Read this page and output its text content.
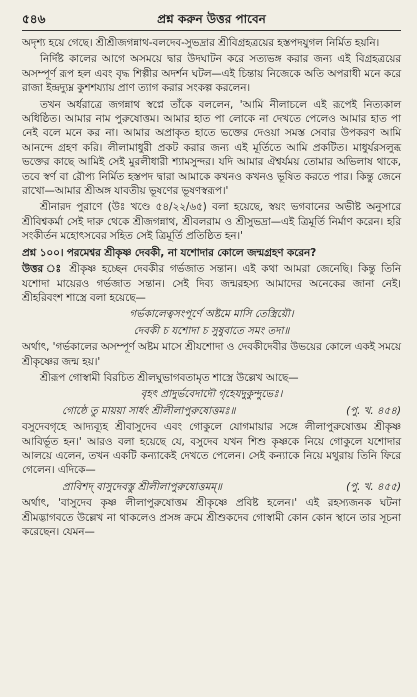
৫৪৬	প্রশ্ন করুন উত্তর পাবেন

অদৃশ্য হয়ে গেছে। শ্রীশ্রীজগন্নাথ-বলদেব-সুভদ্রার শ্রীবিগ্রহত্রয়ের হস্তপদযুগল নির্মিত হয়নি।

নির্দিষ্ট কালের আগে অসময়ে দ্বার উদঘাটন করে সত্যভঙ্গ করার জন্য এই বিগ্রহত্রয়ের অসম্পূর্ণ রূপ হল এবং বৃদ্ধ শিল্পীর অদর্শন ঘটল—এই চিন্তায় নিজেকে অতি অপরাধী মনে করে রাজা ইন্দ্রদ্যুম্ন কুশশয্যায় প্রাণ ত্যাগ করার সংকল্প করলেন।

তখন অর্ধরাত্রে জগন্নাথ স্বপ্নে তাঁকে বললেন, 'আমি নীলাচলে এই রূপেই নিত্যকাল অধিষ্ঠিত। আমার নাম পুরুষোত্তম। আমার হাত পা লোকে না দেখতে পেলেও আমার হাত পা নেই বলে মনে কর না। আমার অপ্রাকৃত হাতে ভক্তের দেওয়া সমস্ত সেবার উপকরণ আমি আনন্দে গ্রহণ করি। লীলামাধুরী প্রকট করার জন্য এই মূর্তিতে আমি প্রকটিত। মাধুর্যরসলুব্ধ ভক্তের কাছে আমিই সেই মুরলীধারী শ্যামসুন্দর। যদি আমার ঐশ্বর্যময় তোমার অভিলাষ থাকে, তবে স্বর্ণ বা রৌপ্য নির্মিত হস্তপদ দ্বারা আমাকে কখনও কখনও ভূষিত করতে পার। কিন্তু জেনে রাখো—আমার শ্রীঅঙ্গ যাবতীয় ভূষণের ভূষণস্বরূপ।'

শ্রীনারদ পুরাণে (উঃ খণ্ডে ৫৪/২২/৬৫) বলা হয়েছে, স্বয়ং ভগবানের অভীষ্ট অনুসারে শ্রীবিশ্বকর্মা সেই দারু থেকে শ্রীজগন্নাথ, শ্রীবলরাম ও শ্রীসুভদ্রা—এই ত্রিমূর্তি নির্মাণ করেন। হরি সংকীর্তন মহোৎসবের সহিত সেই ত্রিমূর্তি প্রতিষ্ঠিত হন।'

প্রশ্ন ১০০। পরমেশ্বর শ্রীকৃষ্ণ দেবকী, না যশোদার কোলে জন্মগ্রহণ করেন?

উত্তর ঃ শ্রীকৃষ্ণ হচ্ছেন দেবকীর গর্ভজাত সন্তান। এই কথা আমরা জেনেছি। কিন্তু তিনি যশোদা মায়েরও গর্ভজাত সন্তান। সেই দিব্য জন্মরহস্য আমাদের অনেকের জানা নেই। শ্রীহরিবংশ শাস্ত্রে বলা হয়েছে—

গর্ভকালেত্বসংপূর্ণে অষ্টমে মাসি তেস্ত্রিয়ৌ।
দেবকী চ যশোদা চ সুষুবাতে সমং তদা॥

অর্থাৎ, 'গর্ভকালের অসম্পূর্ণ অষ্টম মাসে শ্রীযশোদা ও দেবকীদেবীর উভয়ের কোলে একই সময়ে শ্রীকৃষ্ণের জন্ম হয়।'

শ্রীরূপ গোস্বামী বিরচিত শ্রীলঘুভাগবতামৃত শাস্ত্রে উল্লেখ আছে—

বৃহৎ প্রাদুর্ভবেদাদৌ গৃহেযদুকুন্দুভেঃ।
গোষ্ঠে তু মায়য়া সার্ধং শ্রীলীলাপুরুষোত্তমঃ॥	(পু. খ. ৪৫৪)

বসুদেবগৃহে আদ্যব্যূহ শ্রীবাসুদেব এবং গোকুলে যোগমায়ার সঙ্গে লীলাপুরুষোত্তম শ্রীকৃষ্ণ আবির্ভূত হন।' আরও বলা হয়েছে যে, বসুদেব যখন শিশু কৃষ্ণকে নিয়ে গোকুলে যশোদার আলয়ে এলেন, তখন একটি কন্যাকেই দেখতে পেলেন। সেই কন্যাকে নিয়ে মথুরায় তিনি ফিরে গেলেন। এদিকে—

প্রাবিশদ্ বাসুদেবস্তু শ্রীলীলাপুরুষোত্তমম্॥	(পু. খ. ৪৫৫)

অর্থাৎ, 'বাসুদেব কৃষ্ণ লীলাপুরুষোত্তম শ্রীকৃষ্ণে প্রবিষ্ট হলেন।' এই রহস্যজনক ঘটনা শ্রীমদ্ভাগবতে উল্লেখ না থাকলেও প্রসঙ্গ ক্রমে শ্রীশুকদেব গোস্বামী কোন কোন স্থানে তার সূচনা করেছেন। যেমন—
